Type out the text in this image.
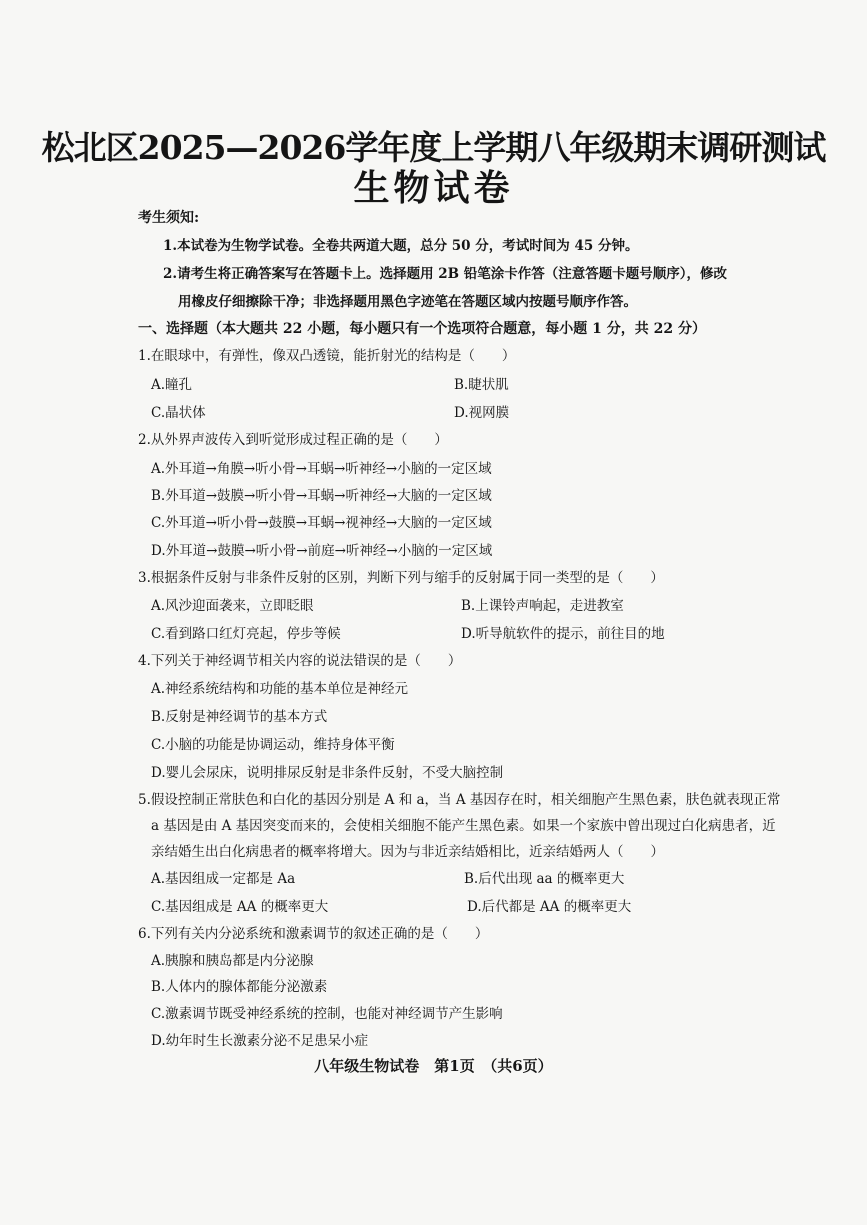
松北区2025—2026学年度上学期八年级期末调研测试
生物试卷
考生须知:
1.本试卷为生物学试卷。全卷共两道大题，总分 50 分，考试时间为 45 分钟。
2.请考生将正确答案写在答题卡上。选择题用 2B 铅笔涂卡作答（注意答题卡题号顺序），修改
用橡皮仔细擦除干净；非选择题用黑色字迹笔在答题区域内按题号顺序作答。
一、选择题（本大题共 22 小题，每小题只有一个选项符合题意，每小题 1 分，共 22 分）
1.在眼球中，有弹性，像双凸透镜，能折射光的结构是（　　）
A.瞳孔	B.睫状肌
C.晶状体	D.视网膜
2.从外界声波传入到听觉形成过程正确的是（　　）
A.外耳道→角膜→听小骨→耳蜗→听神经→小脑的一定区域
B.外耳道→鼓膜→听小骨→耳蜗→听神经→大脑的一定区域
C.外耳道→听小骨→鼓膜→耳蜗→视神经→大脑的一定区域
D.外耳道→鼓膜→听小骨→前庭→听神经→小脑的一定区域
3.根据条件反射与非条件反射的区别，判断下列与缩手的反射属于同一类型的是（　　）
A.风沙迎面袭来，立即眨眼	B.上课铃声响起，走进教室
C.看到路口红灯亮起，停步等候	D.听导航软件的提示，前往目的地
4.下列关于神经调节相关内容的说法错误的是（　　）
A.神经系统结构和功能的基本单位是神经元
B.反射是神经调节的基本方式
C.小脑的功能是协调运动，维持身体平衡
D.婴儿会尿床，说明排尿反射是非条件反射，不受大脑控制
5.假设控制正常肤色和白化的基因分别是 A 和 a，当 A 基因存在时，相关细胞产生黑色素，肤色就表现正常
a 基因是由 A 基因突变而来的，会使相关细胞不能产生黑色素。如果一个家族中曾出现过白化病患者，近
亲结婚生出白化病患者的概率将增大。因为与非近亲结婚相比，近亲结婚两人（　　）
A.基因组成一定都是 Aa	B.后代出现 aa 的概率更大
C.基因组成是 AA 的概率更大	D.后代都是 AA 的概率更大
6.下列有关内分泌系统和激素调节的叙述正确的是（　　）
A.胰腺和胰岛都是内分泌腺
B.人体内的腺体都能分泌激素
C.激素调节既受神经系统的控制，也能对神经调节产生影响
D.幼年时生长激素分泌不足患呆小症
八年级生物试卷　第1页　（共6页）
